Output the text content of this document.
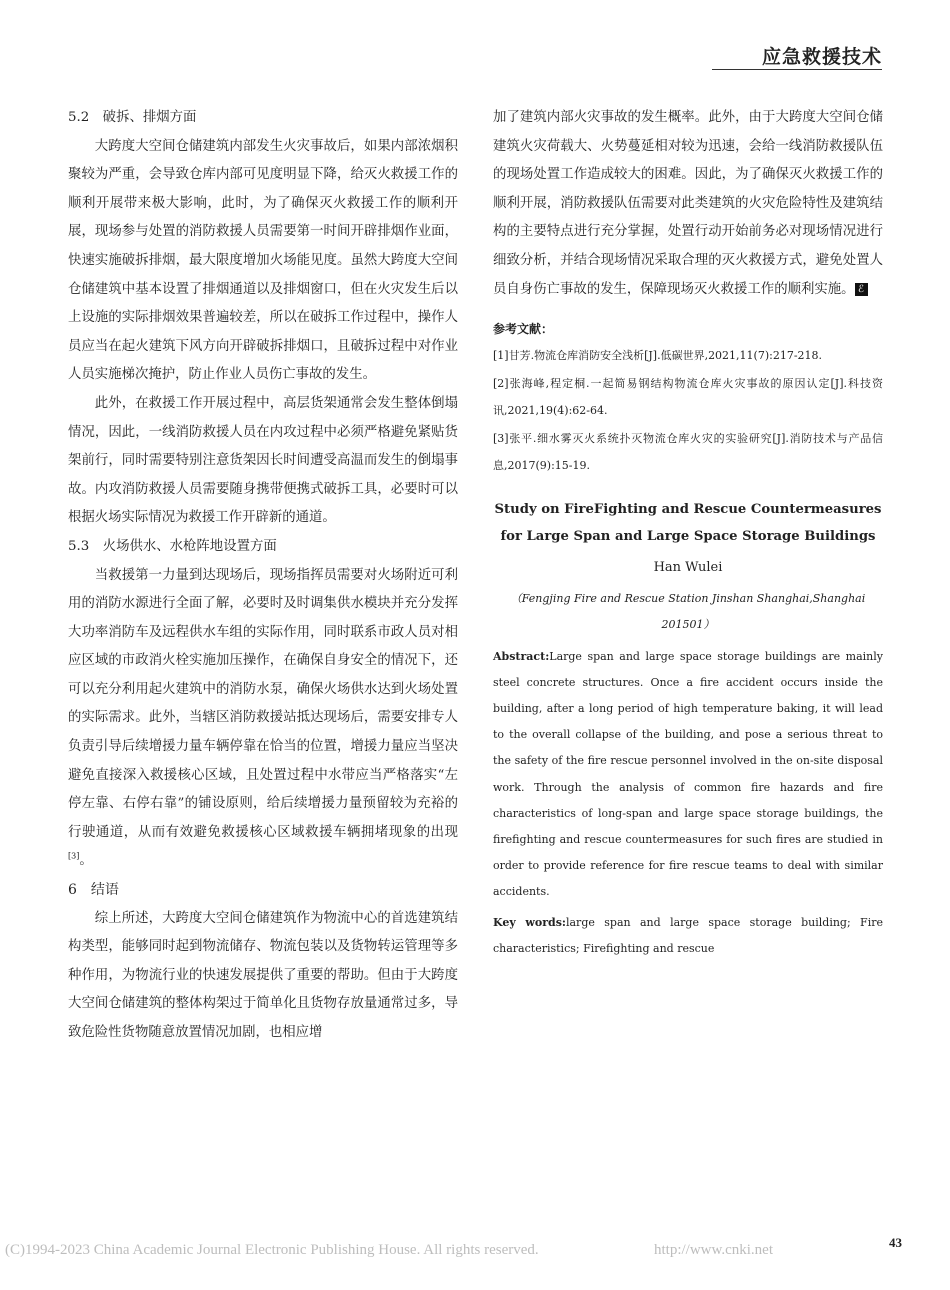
应急救援技术
5.2　破拆、排烟方面

大跨度大空间仓储建筑内部发生火灾事故后，如果内部浓烟积聚较为严重，会导致仓库内部可见度明显下降，给灭火救援工作的顺利开展带来极大影响，此时，为了确保灭火救援工作的顺利开展，现场参与处置的消防救援人员需要第一时间开辟排烟作业面，快速实施破拆排烟，最大限度增加火场能见度。虽然大跨度大空间仓储建筑中基本设置了排烟通道以及排烟窗口，但在火灾发生后以上设施的实际排烟效果普遍较差，所以在破拆工作过程中，操作人员应当在起火建筑下风方向开辟破拆排烟口，且破拆过程中对作业人员实施梯次掩护，防止作业人员伤亡事故的发生。

此外，在救援工作开展过程中，高层货架通常会发生整体倒塌情况，因此，一线消防救援人员在内攻过程中必须严格避免紧贴货架前行，同时需要特别注意货架因长时间遭受高温而发生的倒塌事故。内攻消防救援人员需要随身携带便携式破拆工具，必要时可以根据火场实际情况为救援工作开辟新的通道。

5.3　火场供水、水枪阵地设置方面

当救援第一力量到达现场后，现场指挥员需要对火场附近可利用的消防水源进行全面了解，必要时及时调集供水模块并充分发挥大功率消防车及远程供水车组的实际作用，同时联系市政人员对相应区域的市政消火栓实施加压操作，在确保自身安全的情况下，还可以充分利用起火建筑中的消防水泵，确保火场供水达到火场处置的实际需求。此外，当辖区消防救援站抵达现场后，需要安排专人负责引导后续增援力量车辆停靠在恰当的位置，增援力量应当坚决避免直接深入救援核心区域，且处置过程中水带应当严格落实“左停左靠、右停右靠”的铺设原则，给后续增援力量预留较为充裕的行驶通道，从而有效避免救援核心区域救援车辆拥堵现象的出现[3]。

6　结语

综上所述，大跨度大空间仓储建筑作为物流中心的首选建筑结构类型，能够同时起到物流储存、物流包装以及货物转运管理等多种作用，为物流行业的快速发展提供了重要的帮助。但由于大跨度大空间仓储建筑的整体构架过于简单化且货物存放量通常过多，导致危险性货物随意放置情况加剧，也相应增

加了建筑内部火灾事故的发生概率。此外，由于大跨度大空间仓储建筑火灾荷载大、火势蔓延相对较为迅速，会给一线消防救援队伍的现场处置工作造成较大的困难。因此，为了确保灭火救援工作的顺利开展，消防救援队伍需要对此类建筑的火灾危险特性及建筑结构的主要特点进行充分掌握，处置行动开始前务必对现场情况进行细致分析，并结合现场情况采取合理的灭火救援方式，避免处置人员自身伤亡事故的发生，保障现场灭火救援工作的顺利实施。 ℰ

参考文献：
[1]甘芳.物流仓库消防安全浅析[J].低碳世界,2021,11(7):217-218.
[2]张海峰,程定桐.一起简易钢结构物流仓库火灾事故的原因认定[J].科技资讯,2021,19(4):62-64.
[3]张平.细水雾灭火系统扑灭物流仓库火灾的实验研究[J].消防技术与产品信息,2017(9):15-19.
Study on FireFighting and Rescue Countermeasures
for Large Span and Large Space Storage Buildings
Han Wulei
（Fengjing Fire and Rescue Station Jinshan Shanghai,Shanghai
201501）
Abstract:Large span and large space storage buildings are mainly steel concrete structures. Once a fire accident occurs inside the building, after a long period of high temperature baking, it will lead to the overall collapse of the building, and pose a serious threat to the safety of the fire rescue personnel involved in the on-site disposal work. Through the analysis of common fire hazards and fire characteristics of long-span and large space storage buildings, the firefighting and rescue countermeasures for such fires are studied in order to provide reference for fire rescue teams to deal with similar accidents.
Key words:large span and large space storage building; Fire characteristics; Firefighting and rescue
(C)1994-2023 China Academic Journal Electronic Publishing House. All rights reserved.	http://www.cnki.net	43
